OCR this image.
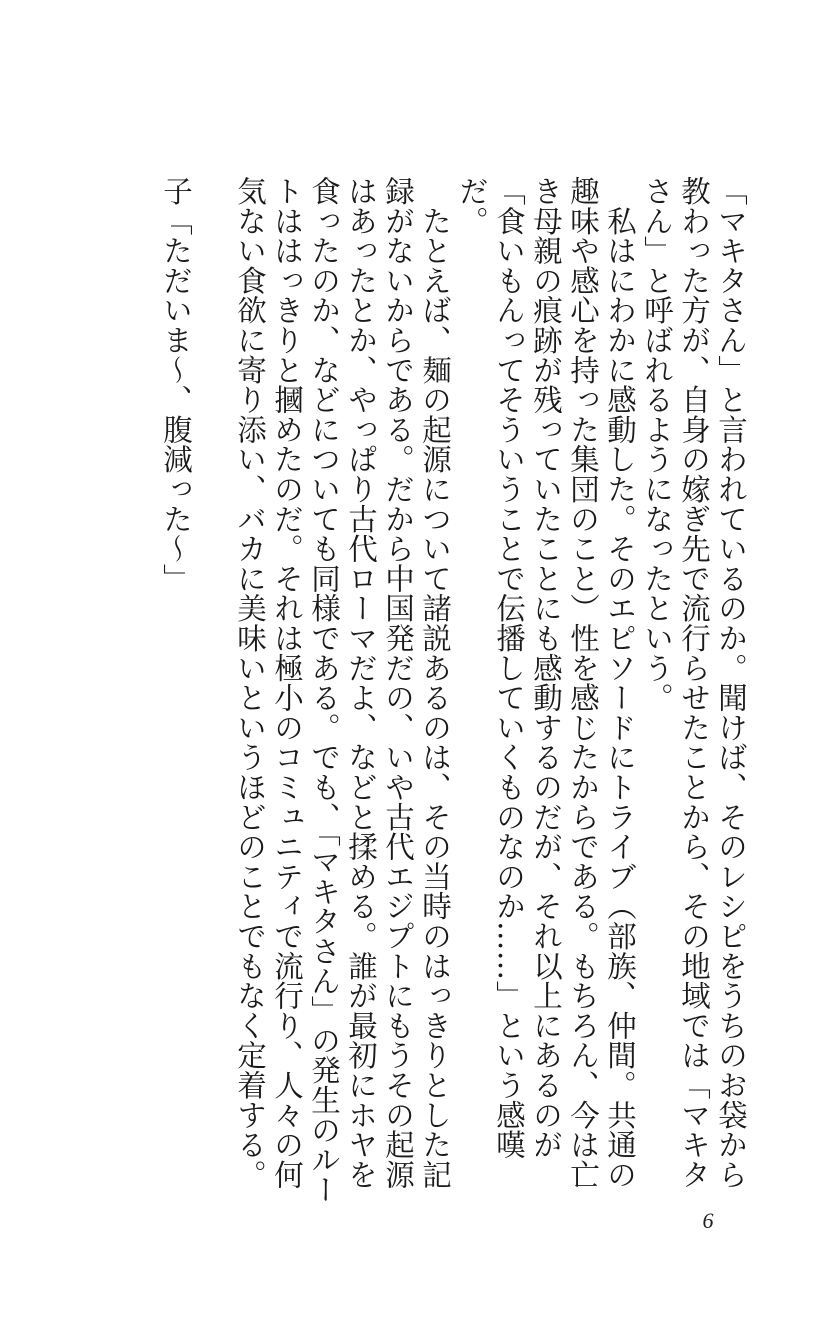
「マキタさん」と言われているのか。聞けば、そのレシピをうちのお袋から教わった方が、自身の嫁ぎ先で流行らせたことから、その地域では「マキタさん」と呼ばれるようになったという。

　私はにわかに感動した。そのエピソードにトライブ（部族、仲間。共通の趣味や感心を持った集団のこと）性を感じたからである。もちろん、今は亡き母親の痕跡が残っていたことにも感動するのだが、それ以上にあるのが「食いもんってそういうことで伝播していくものなのか……」という感嘆だ。

　たとえば、麺の起源について諸説あるのは、その当時のはっきりとした記録がないからである。だから中国発だの、いや古代エジプトにもうその起源はあったとか、やっぱり古代ローマだよ、などと揉める。誰が最初にホヤを食ったのか、などについても同様である。でも、「マキタさん」の発生のルートははっきりと摑めたのだ。それは極小のコミュニティで流行り、人々の何気ない食欲に寄り添い、バカに美味いというほどのことでもなく定着する。

子「ただいま～、腹減った～」

6
